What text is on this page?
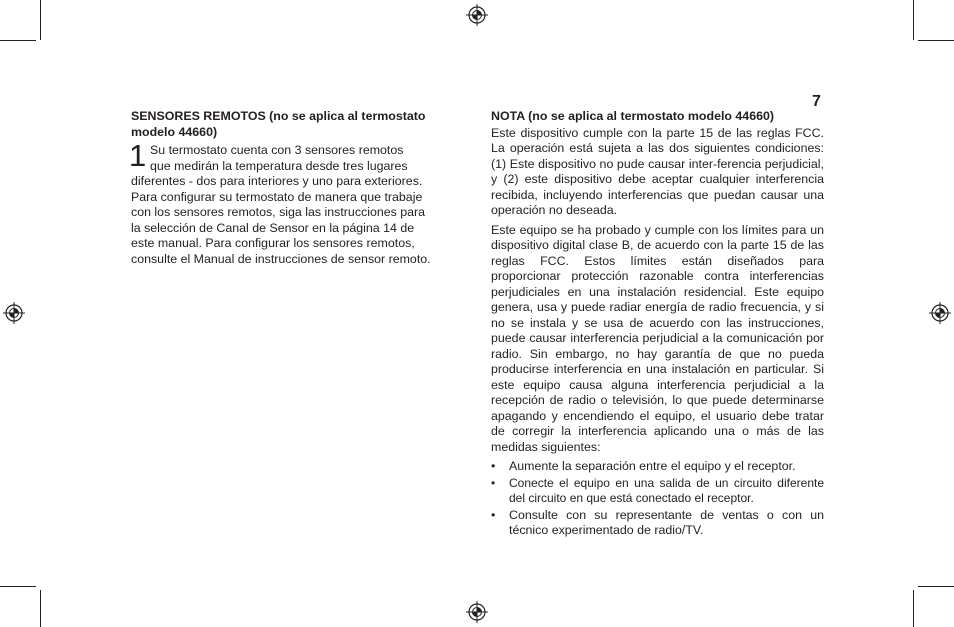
7
SENSORES REMOTOS (no se aplica al termostato modelo 44660)
1 Su termostato cuenta con 3 sensores remotos
que medirán la temperatura desde tres lugares
diferentes - dos para interiores y uno para exteriores.
Para configurar su termostato de manera que trabaje
con los sensores remotos, siga las instrucciones para
la selección de Canal de Sensor en la página 14 de
este manual. Para configurar los sensores remotos,
consulte el Manual de instrucciones de sensor remoto.
NOTA (no se aplica al termostato modelo 44660)

Este dispositivo cumple con la parte 15 de las reglas FCC. La operación está sujeta a las dos siguientes condiciones: (1) Este dispositivo no pude causar inter-ferencia perjudicial, y (2) este dispositivo debe aceptar cualquier interferencia recibida, incluyendo interferencias que puedan causar una operación no deseada.

Este equipo se ha probado y cumple con los límites para un dispositivo digital clase B, de acuerdo con la parte 15 de las reglas FCC. Estos límites están diseñados para proporcionar protección razonable contra interferencias perjudiciales en una instalación residencial. Este equipo genera, usa y puede radiar energía de radio frecuencia, y si no se instala y se usa de acuerdo con las instrucciones, puede causar interferencia perjudicial a la comunicación por radio. Sin embargo, no hay garantía de que no pueda producirse interferencia en una instalación en particular. Si este equipo causa alguna interferencia perjudicial a la recepción de radio o televisión, lo que puede determinarse apagando y encendiendo el equipo, el usuario debe tratar de corregir la interferencia aplicando una o más de las medidas siguientes:

• Aumente la separación entre el equipo y el receptor.
• Conecte el equipo en una salida de un circuito diferente del circuito en que está conectado el receptor.
• Consulte con su representante de ventas o con un técnico experimentado de radio/TV.
